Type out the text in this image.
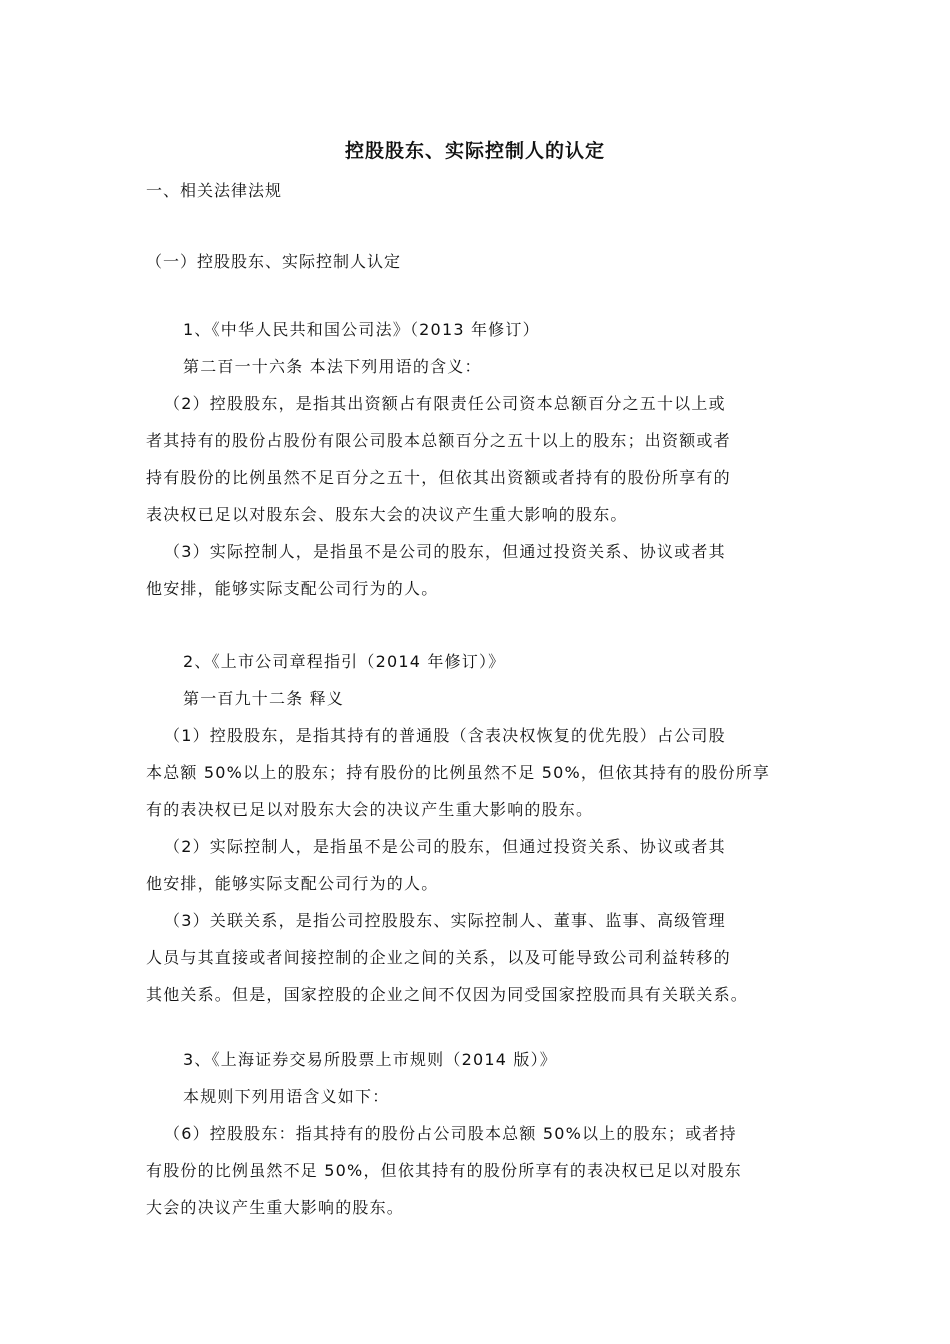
控股股东、实际控制人的认定
一、相关法律法规
（一）控股股东、实际控制人认定
1、《中华人民共和国公司法》（2013 年修订）
第二百一十六条 本法下列用语的含义：
（2）控股股东，是指其出资额占有限责任公司资本总额百分之五十以上或
者其持有的股份占股份有限公司股本总额百分之五十以上的股东；出资额或者
持有股份的比例虽然不足百分之五十，但依其出资额或者持有的股份所享有的
表决权已足以对股东会、股东大会的决议产生重大影响的股东。
（3）实际控制人，是指虽不是公司的股东，但通过投资关系、协议或者其
他安排，能够实际支配公司行为的人。
2、《上市公司章程指引（2014 年修订）》
第一百九十二条 释义
（1）控股股东，是指其持有的普通股（含表决权恢复的优先股）占公司股
本总额 50%以上的股东；持有股份的比例虽然不足 50%，但依其持有的股份所享
有的表决权已足以对股东大会的决议产生重大影响的股东。
（2）实际控制人，是指虽不是公司的股东，但通过投资关系、协议或者其
他安排，能够实际支配公司行为的人。
（3）关联关系，是指公司控股股东、实际控制人、董事、监事、高级管理
人员与其直接或者间接控制的企业之间的关系，以及可能导致公司利益转移的
其他关系。但是，国家控股的企业之间不仅因为同受国家控股而具有关联关系。
3、《上海证券交易所股票上市规则（2014 版）》
本规则下列用语含义如下：
（6）控股股东：指其持有的股份占公司股本总额 50%以上的股东；或者持
有股份的比例虽然不足 50%，但依其持有的股份所享有的表决权已足以对股东
大会的决议产生重大影响的股东。
